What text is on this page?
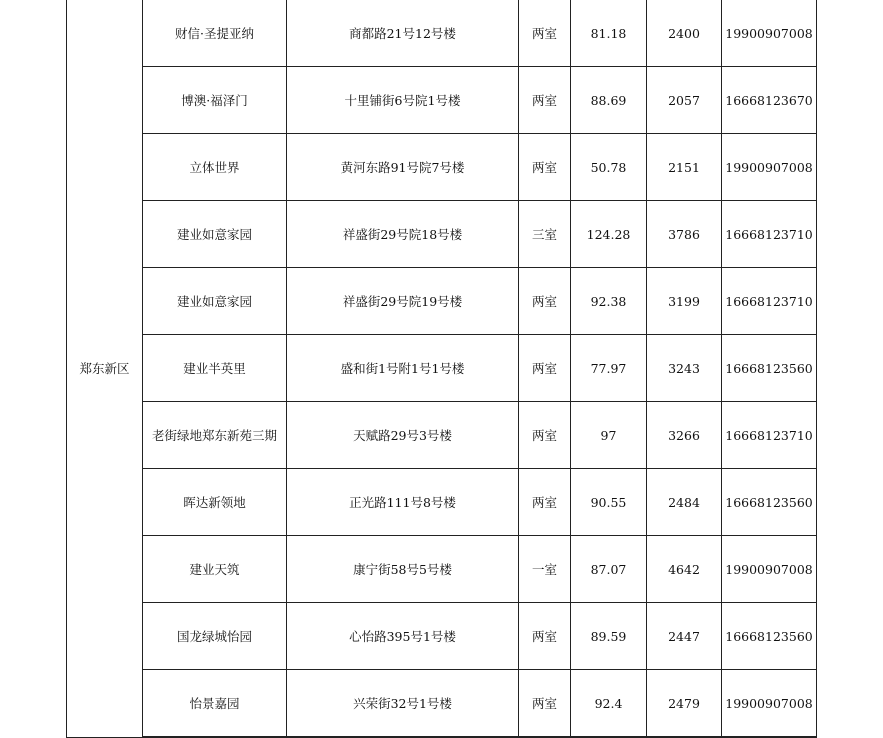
郑东新区	财信·圣提亚纳	商都路21号12号楼	两室	81.18	2400	19900907008
	博澳·福泽门	十里铺街6号院1号楼	两室	88.69	2057	16668123670
	立体世界	黄河东路91号院7号楼	两室	50.78	2151	19900907008
	建业如意家园	祥盛街29号院18号楼	三室	124.28	3786	16668123710
	建业如意家园	祥盛街29号院19号楼	两室	92.38	3199	16668123710
	建业半英里	盛和街1号附1号1号楼	两室	77.97	3243	16668123560
	老街绿地郑东新苑三期	天赋路29号3号楼	两室	97	3266	16668123710
	晖达新领地	正光路111号8号楼	两室	90.55	2484	16668123560
	建业天筑	康宁街58号5号楼	一室	87.07	4642	19900907008
	国龙绿城怡园	心怡路395号1号楼	两室	89.59	2447	16668123560
	怡景嘉园	兴荣街32号1号楼	两室	92.4	2479	19900907008
